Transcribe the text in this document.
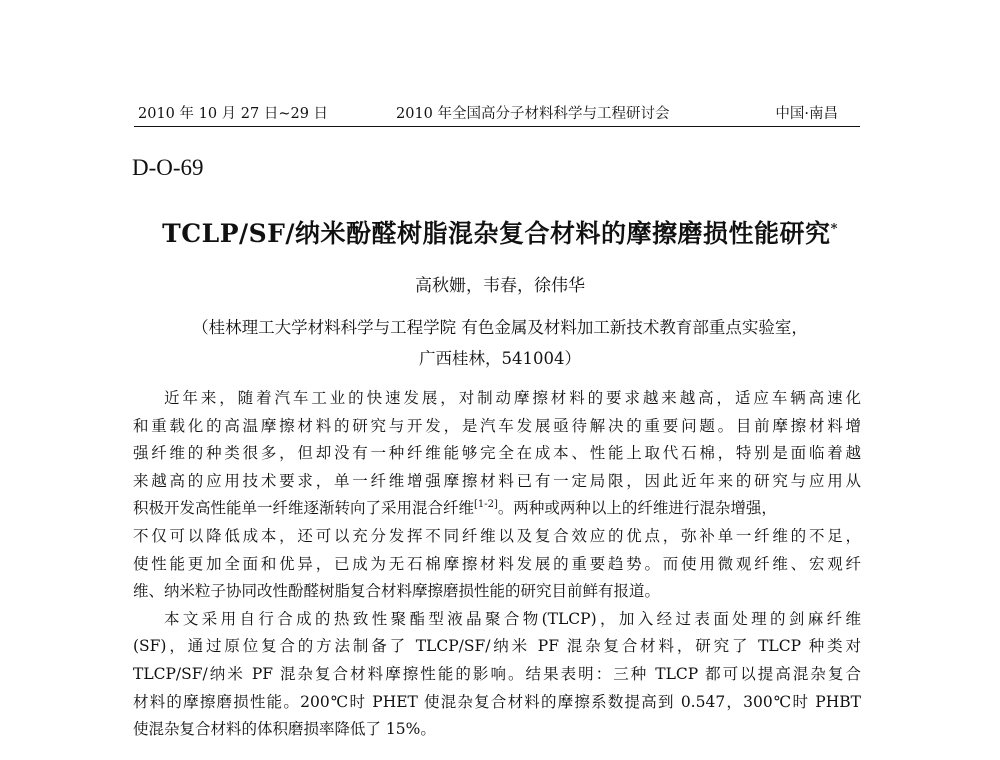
2010 年 10 月 27 日~29 日	2010 年全国高分子材料科学与工程研讨会	中国·南昌
D-O-69
TCLP/SF/纳米酚醛树脂混杂复合材料的摩擦磨损性能研究*
高秋姗，韦春，徐伟华
（桂林理工大学材料科学与工程学院 有色金属及材料加工新技术教育部重点实验室，
广西桂林，541004）
近年来，随着汽车工业的快速发展，对制动摩擦材料的要求越来越高，适应车辆高速化
和重载化的高温摩擦材料的研究与开发，是汽车发展亟待解决的重要问题。目前摩擦材料增
强纤维的种类很多，但却没有一种纤维能够完全在成本、性能上取代石棉，特别是面临着越
来越高的应用技术要求，单一纤维增强摩擦材料已有一定局限，因此近年来的研究与应用从
积极开发高性能单一纤维逐渐转向了采用混合纤维[1-2]。两种或两种以上的纤维进行混杂增强，
不仅可以降低成本，还可以充分发挥不同纤维以及复合效应的优点，弥补单一纤维的不足，
使性能更加全面和优异，已成为无石棉摩擦材料发展的重要趋势。而使用微观纤维、宏观纤
维、纳米粒子协同改性酚醛树脂复合材料摩擦磨损性能的研究目前鲜有报道。
本文采用自行合成的热致性聚酯型液晶聚合物(TLCP)，加入经过表面处理的剑麻纤维
(SF)，通过原位复合的方法制备了 TLCP/SF/纳米 PF 混杂复合材料，研究了 TLCP 种类对
TLCP/SF/纳米 PF 混杂复合材料摩擦性能的影响。结果表明：三种 TLCP 都可以提高混杂复合
材料的摩擦磨损性能。200℃时 PHET 使混杂复合材料的摩擦系数提高到 0.547，300℃时 PHBT
使混杂复合材料的体积磨损率降低了 15%。
